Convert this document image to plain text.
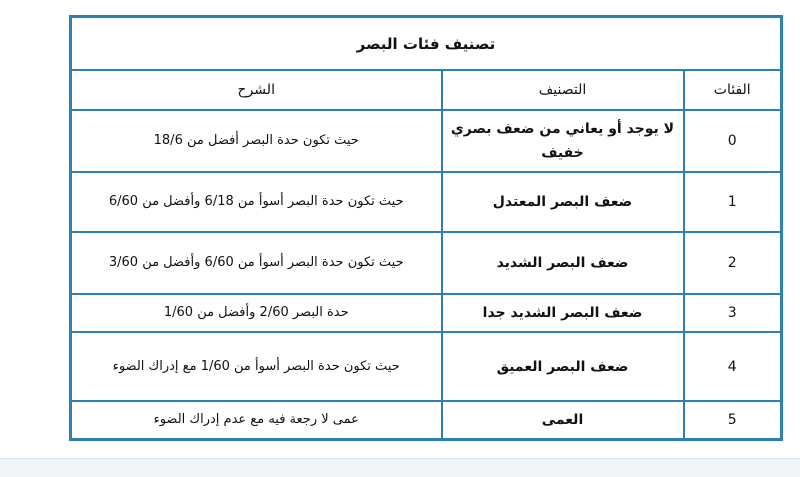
تصنيف فئات البصر		
الفئات	التصنيف	الشرح
0	لا يوجد أو يعاني من ضعف بصري خفيف	حيث تكون حدة البصر أفضل من 18/6
1	ضعف البصر المعتدل	حيث تكون حدة البصر أسوأ من 6/18 وأفضل من 6/60
2	ضعف البصر الشديد	حيث تكون حدة البصر أسوأ من 6/60 وأفضل من 3/60
3	ضعف البصر الشديد جدا	حدة البصر 2/60 وأفضل من 1/60
4	ضعف البصر العميق	حيث تكون حدة البصر أسوأ من 1/60 مع إدراك الضوء
5	العمى	عمى لا رجعة فيه مع عدم إدراك الضوء
